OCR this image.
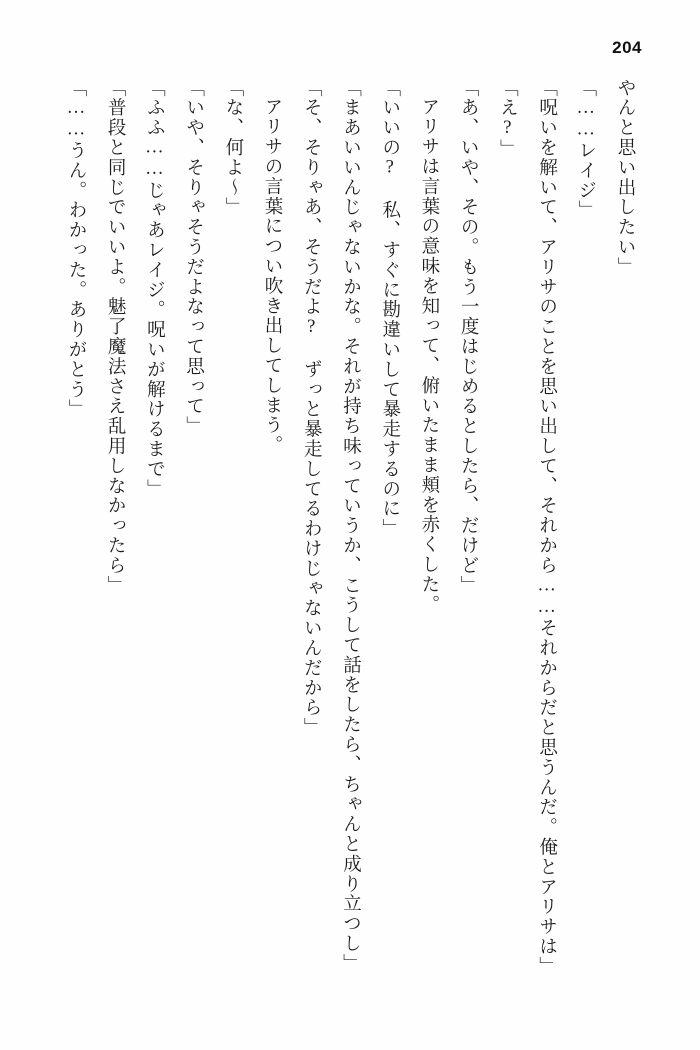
204

やんと思い出したい」

「……レイジ」

「呪いを解いて、アリサのことを思い出して、それから……それからだと思うんだ。俺とアリサは」

「え?」

「あ、いや、その。もう一度はじめるとしたら、だけど」

アリサは言葉の意味を知って、俯いたまま頬を赤くした。

「いいの? 私、すぐに勘違いして暴走するのに」

「まあいいんじゃないかな。それが持ち味っていうか、こうして話をしたら、ちゃんと成り立つし」

「そ、そりゃあ、そうだよ? ずっと暴走してるわけじゃないんだから」

アリサの言葉につい吹き出してしまう。

「な、何よ〜」

「いや、そりゃそうだよなって思って」

「ふふ……じゃあレイジ。呪いが解けるまで」

「普段と同じでいいよ。魅了魔法さえ乱用しなかったら」

「……うん。わかった。ありがとう」
